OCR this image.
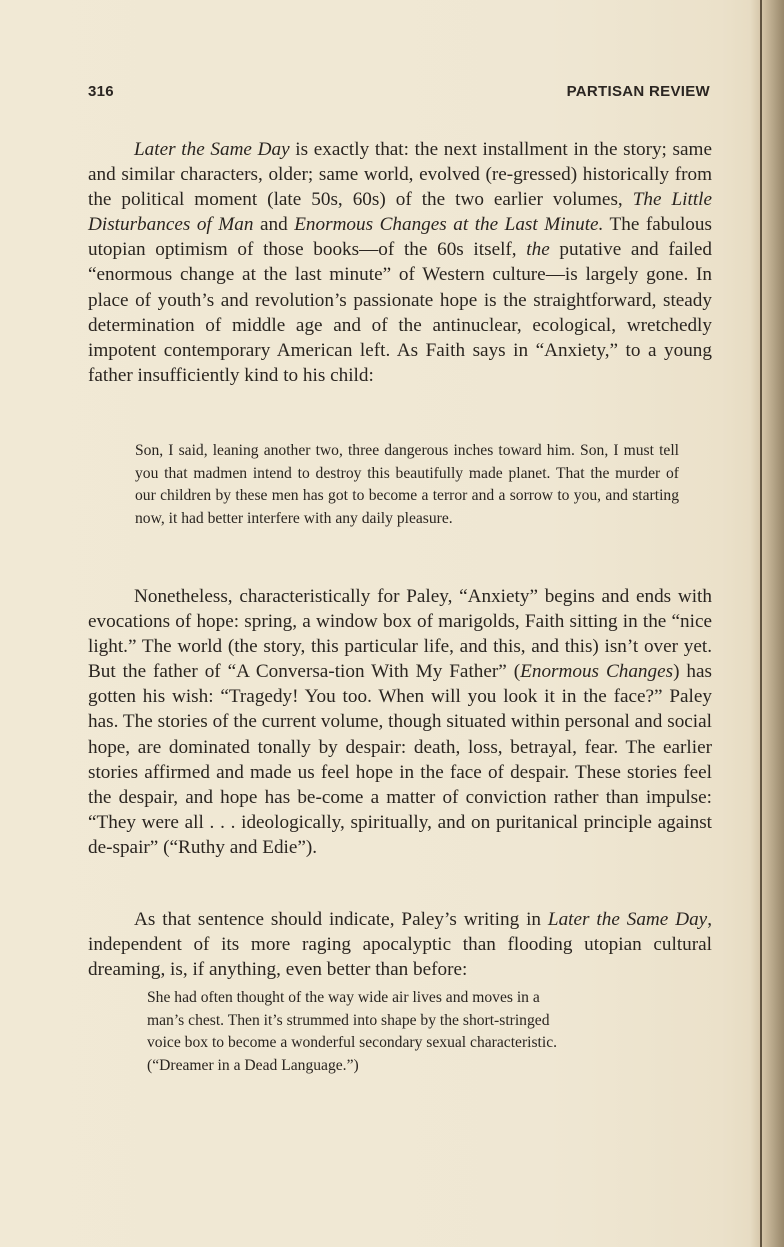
316	PARTISAN REVIEW

Later the Same Day is exactly that: the next installment in the story; same and similar characters, older; same world, evolved (re-gressed) historically from the political moment (late 50s, 60s) of the two earlier volumes, The Little Disturbances of Man and Enormous Changes at the Last Minute. The fabulous utopian optimism of those books—of the 60s itself, the putative and failed “enormous change at the last minute” of Western culture—is largely gone. In place of youth’s and revolution’s passionate hope is the straightforward, steady determination of middle age and of the antinuclear, ecological, wretchedly impotent contemporary American left. As Faith says in “Anxiety,” to a young father insufficiently kind to his child:

Son, I said, leaning another two, three dangerous inches toward him. Son, I must tell you that madmen intend to destroy this beautifully made planet. That the murder of our children by these men has got to become a terror and a sorrow to you, and starting now, it had better interfere with any daily pleasure.

Nonetheless, characteristically for Paley, “Anxiety” begins and ends with evocations of hope: spring, a window box of marigolds, Faith sitting in the “nice light.” The world (the story, this particular life, and this, and this) isn’t over yet. But the father of “A Conversa-tion With My Father” (Enormous Changes) has gotten his wish: “Tragedy! You too. When will you look it in the face?” Paley has. The stories of the current volume, though situated within personal and social hope, are dominated tonally by despair: death, loss, betrayal, fear. The earlier stories affirmed and made us feel hope in the face of despair. These stories feel the despair, and hope has be-come a matter of conviction rather than impulse: “They were all . . . ideologically, spiritually, and on puritanical principle against de-spair” (“Ruthy and Edie”).

As that sentence should indicate, Paley’s writing in Later the Same Day, independent of its more raging apocalyptic than flooding utopian cultural dreaming, is, if anything, even better than before:

She had often thought of the way wide air lives and moves in a
man’s chest. Then it’s strummed into shape by the short-stringed
voice box to become a wonderful secondary sexual characteristic.
(“Dreamer in a Dead Language.”)
